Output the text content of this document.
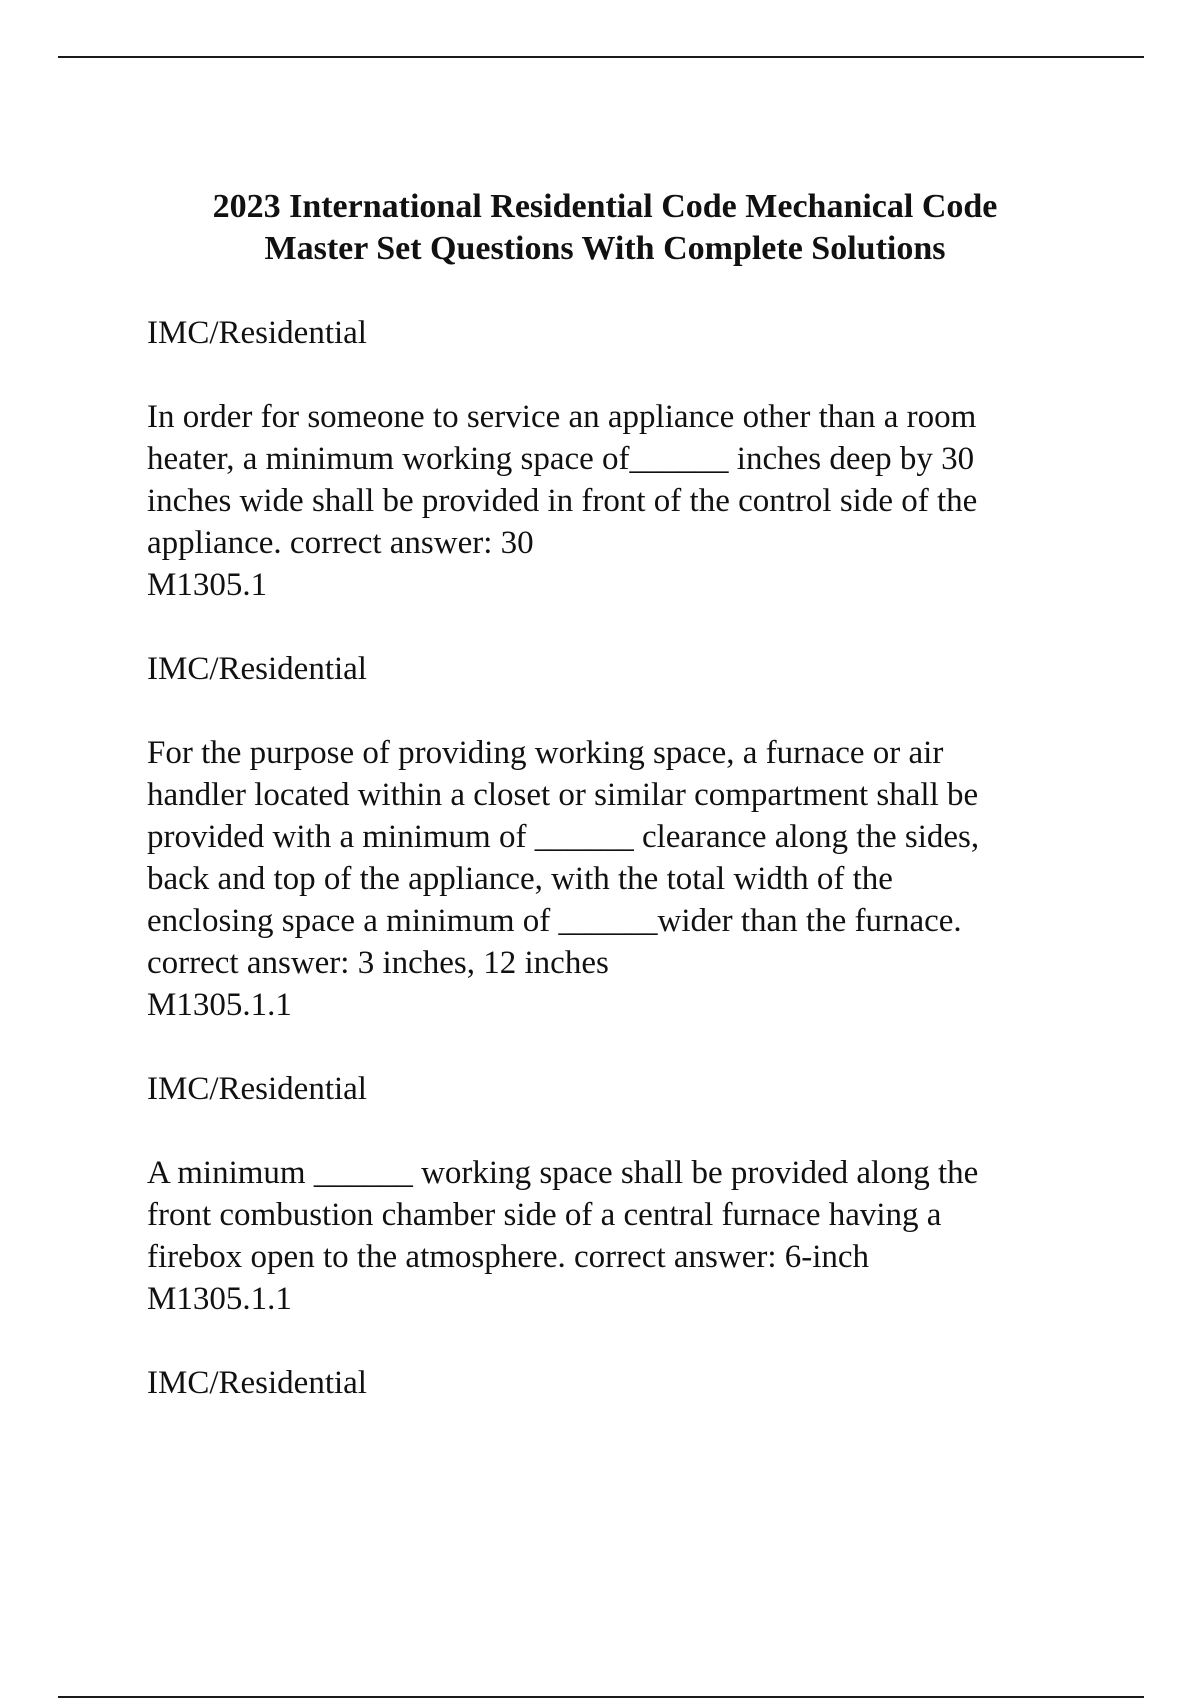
2023 International Residential Code Mechanical Code
Master Set Questions With Complete Solutions
IMC/Residential
In order for someone to service an appliance other than a room
heater, a minimum working space of______ inches deep by 30
inches wide shall be provided in front of the control side of the
appliance. correct answer: 30
M1305.1
IMC/Residential
For the purpose of providing working space, a furnace or air
handler located within a closet or similar compartment shall be
provided with a minimum of ______ clearance along the sides,
back and top of the appliance, with the total width of the
enclosing space a minimum of ______wider than the furnace.
correct answer: 3 inches, 12 inches
M1305.1.1
IMC/Residential
A minimum ______ working space shall be provided along the
front combustion chamber side of a central furnace having a
firebox open to the atmosphere. correct answer: 6-inch
M1305.1.1
IMC/Residential
